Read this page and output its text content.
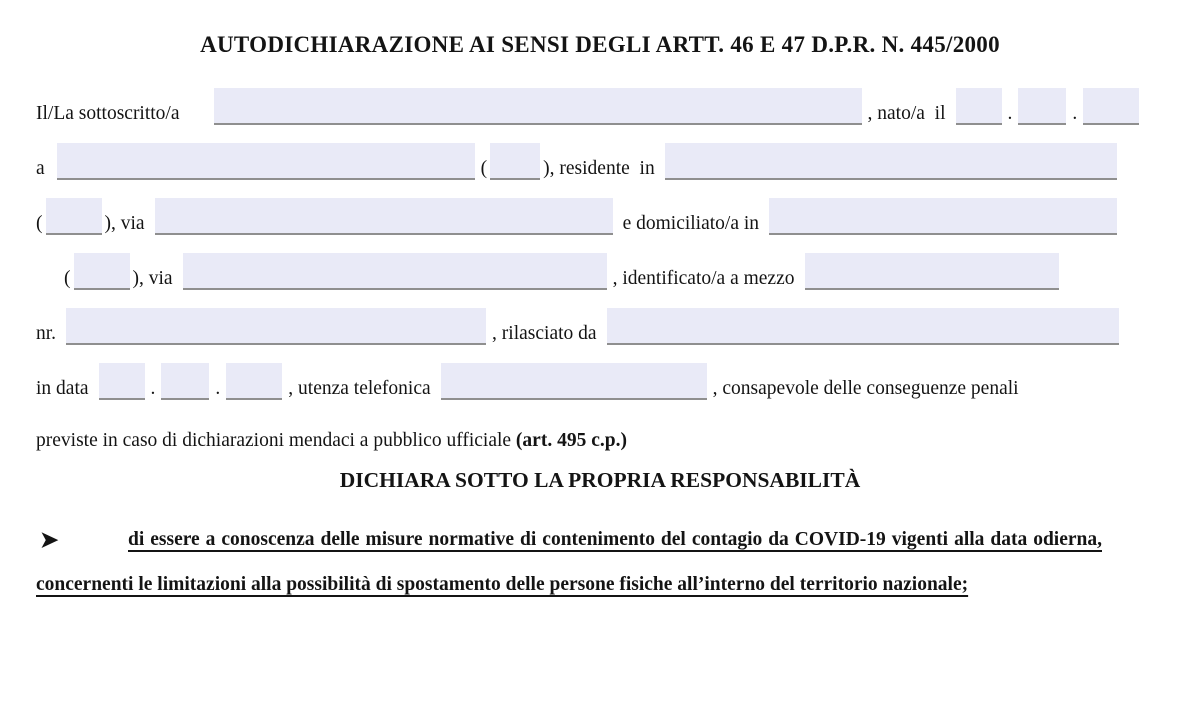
AUTODICHIARAZIONE AI SENSI DEGLI ARTT. 46 E 47 D.P.R. N. 445/2000
Il/La sottoscritto/a	, nato/a  il	.	.
a	(	), residente  in
(	), via	e domiciliato/a in
(	), via	, identificato/a a mezzo
nr.	, rilasciato da
in data	.	.	, utenza telefonica	, consapevole delle conseguenze penali

previste in caso di dichiarazioni mendaci a pubblico ufficiale (art. 495 c.p.)

DICHIARA SOTTO LA PROPRIA RESPONSABILITÀ

➤	di essere a conoscenza delle misure normative di contenimento del contagio da COVID-19 vigenti alla data odierna, concernenti le limitazioni alla possibilità di spostamento delle persone fisiche all’interno del territorio nazionale;
